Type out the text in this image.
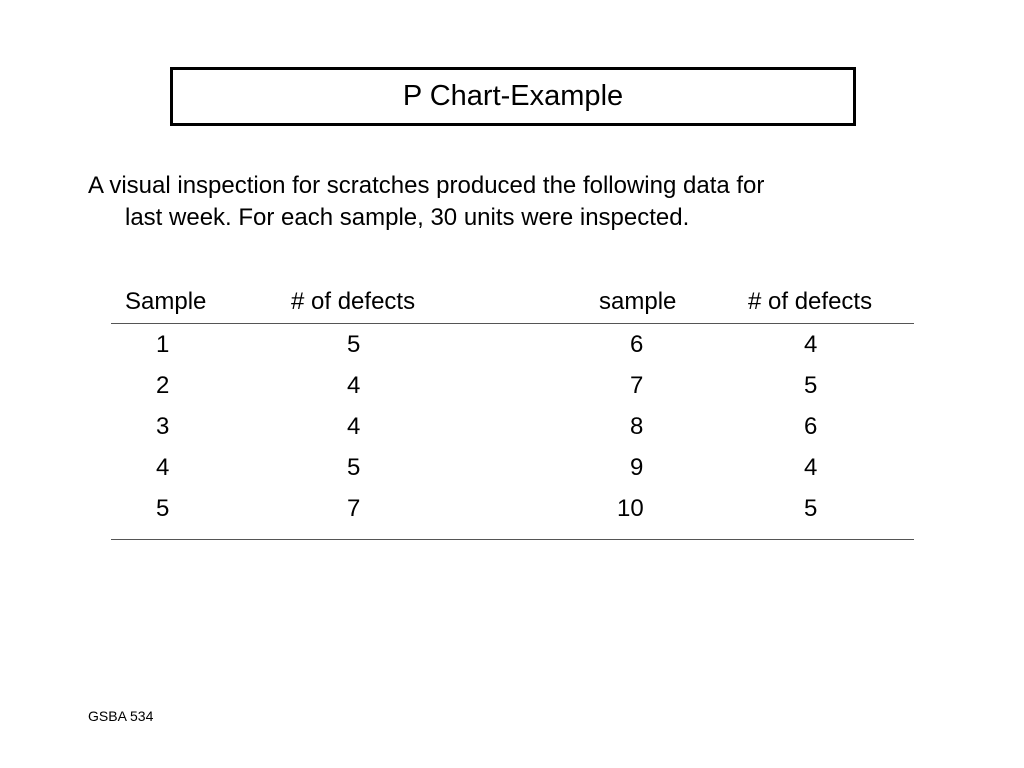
P Chart-Example
A visual inspection for scratches produced the following data for
last week. For each sample, 30 units were inspected.
Sample	# of defects	sample	# of defects
1	5	6	4
2	4	7	5
3	4	8	6
4	5	9	4
5	7	10	5
GSBA 534
